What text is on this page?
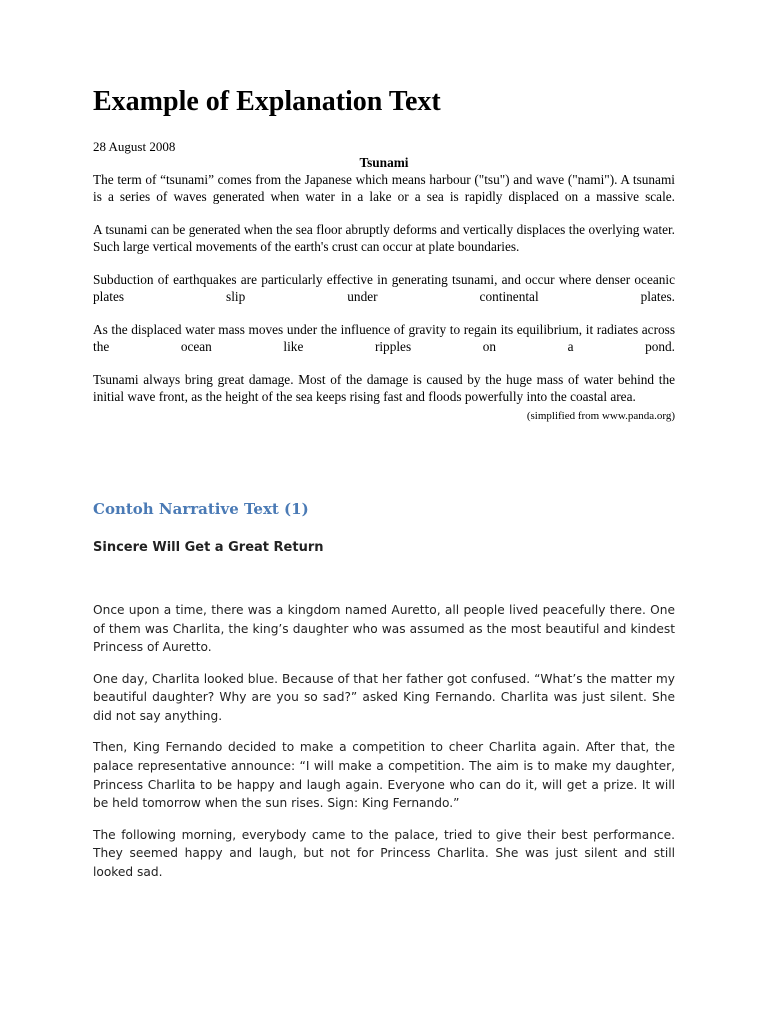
Example of Explanation Text

28 August 2008

Tsunami

The term of “tsunami” comes from the Japanese which means harbour ("tsu") and wave ("nami"). A tsunami is a series of waves generated when water in a lake or a sea is rapidly displaced on a massive scale.

A tsunami can be generated when the sea floor abruptly deforms and vertically displaces the overlying water. Such large vertical movements of the earth's crust can occur at plate boundaries.

Subduction of earthquakes are particularly effective in generating tsunami, and occur where denser oceanic plates slip under continental plates.

As the displaced water mass moves under the influence of gravity to regain its equilibrium, it radiates across the ocean like ripples on a pond.

Tsunami always bring great damage. Most of the damage is caused by the huge mass of water behind the initial wave front, as the height of the sea keeps rising fast and floods powerfully into the coastal area.

(simplified from www.panda.org)

Contoh Narrative Text (1)
Sincere Will Get a Great Return

Once upon a time, there was a kingdom named Auretto, all people lived peacefully there. One of them was Charlita, the king’s daughter who was assumed as the most beautiful and kindest Princess of Auretto.

One day, Charlita looked blue. Because of that her father got confused. “What’s the matter my beautiful daughter? Why are you so sad?” asked King Fernando. Charlita was just silent. She did not say anything.

Then, King Fernando decided to make a competition to cheer Charlita again. After that, the palace representative announce: “I will make a competition. The aim is to make my daughter, Princess Charlita to be happy and laugh again. Everyone who can do it, will get a prize. It will be held tomorrow when the sun rises. Sign: King Fernando.”

The following morning, everybody came to the palace, tried to give their best performance. They seemed happy and laugh, but not for Princess Charlita. She was just silent and still looked sad.
